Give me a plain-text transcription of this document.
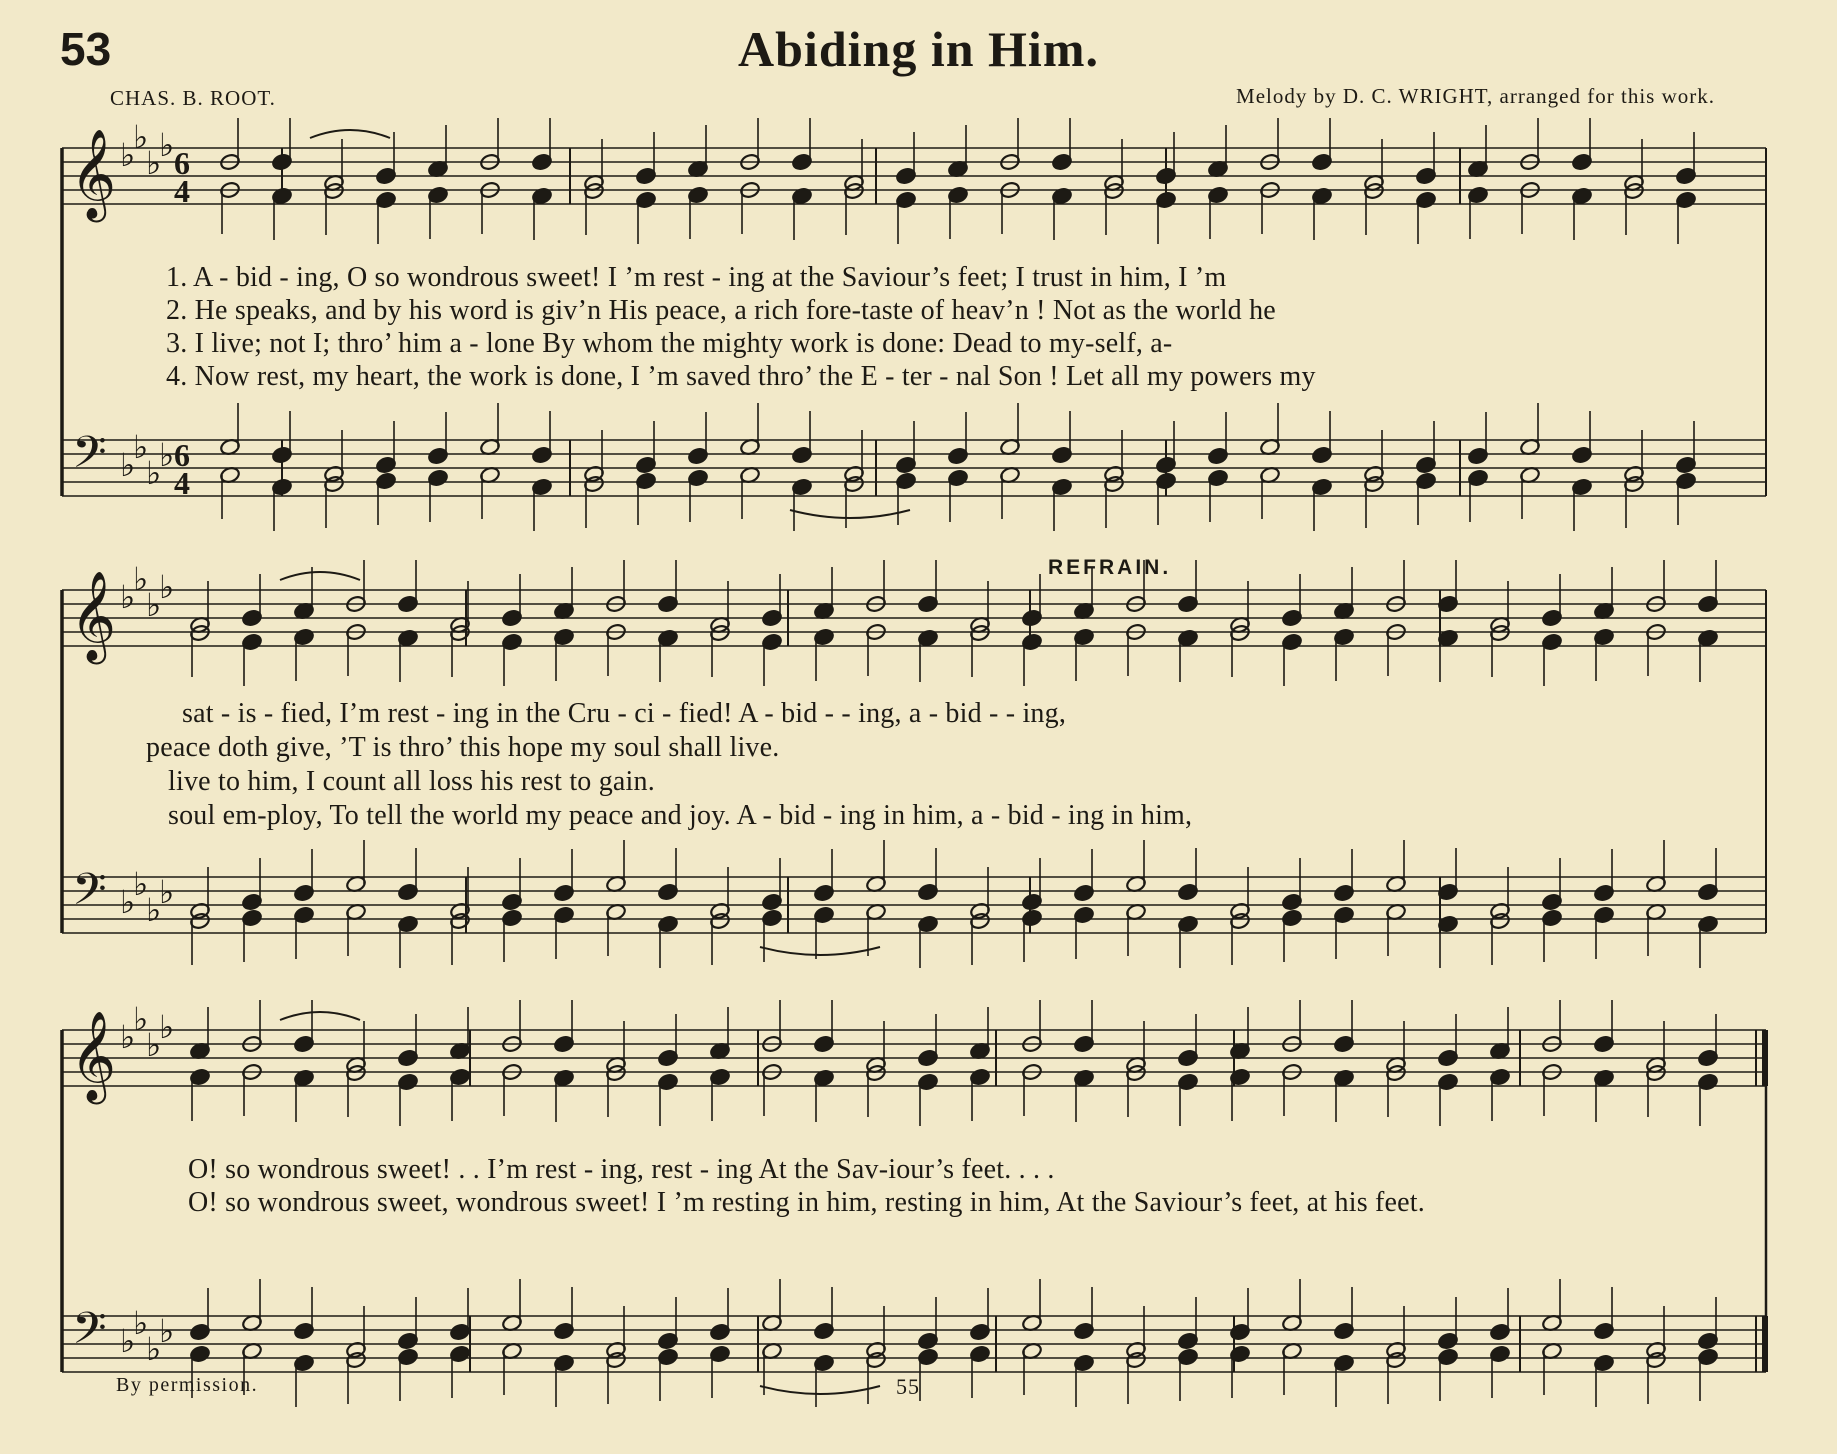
53	Abiding in Him.
CHAS. B. ROOT.	Melody by D. C. WRIGHT, arranged for this work.
𝄞
𝄢
♭
♭
♭
♭
♭
♭
♭
♭
6
4
6
4
𝄞
𝄢
♭
♭
♭
♭
♭
♭
♭
♭
𝄞
𝄢
♭
♭
♭
♭
♭
♭
♭
♭
1. A - bid - ing, O so wondrous sweet! I ’m rest - ing at the Saviour’s feet; I trust in him, I ’m
2. He speaks, and by his word is giv’n His peace, a rich fore-taste of heav’n ! Not as the world he
3. I live; not I; thro’ him a - lone By whom the mighty work is done: Dead to my-self, a-
4. Now rest, my heart, the work is done, I ’m saved thro’ the E - ter - nal Son ! Let all my powers my
REFRAIN.
sat - is - fied, I’m rest - ing in the Cru - ci - fied! A - bid - - ing, a - bid - - ing,
peace doth give, ’T is thro’ this hope my soul shall live.
live to him, I count all loss his rest to gain.
soul em-ploy, To tell the world my peace and joy. A - bid - ing in him, a - bid - ing in him,
O! so wondrous sweet! . . I’m rest - ing, rest - ing At the Sav-iour’s feet. . . .
O! so wondrous sweet, wondrous sweet! I ’m resting in him, resting in him, At the Saviour’s feet, at his feet.
By permission.	55
